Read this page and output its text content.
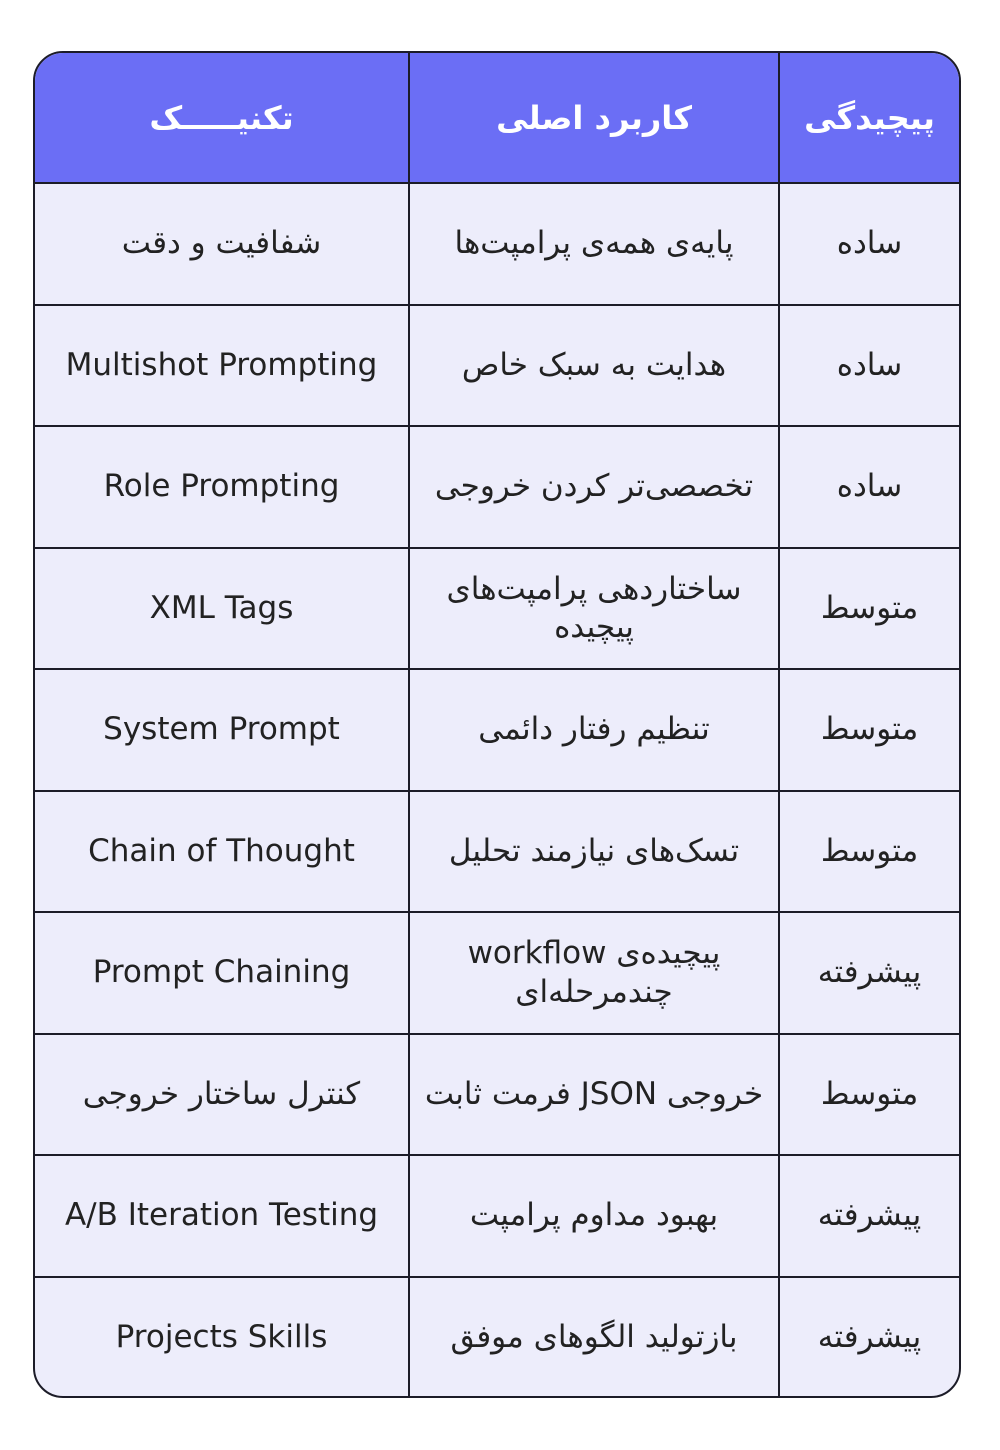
تکنیـــــک	کاربرد اصلی	پیچیدگی
شفافیت و دقت	پایه‌ی همه‌ی پرامپت‌ها	ساده
Multishot Prompting	هدایت به سبک خاص	ساده
Role Prompting	تخصصی‌تر کردن خروجی	ساده
XML Tags	ساختاردهی پرامپت‌های پیچیده	متوسط
System Prompt	تنظیم رفتار دائمی	متوسط
Chain of Thought	تسک‌های نیازمند تحلیل	متوسط
Prompt Chaining	workflow پیچیده‌ی چندمرحله‌ای	پیشرفته
کنترل ساختار خروجی	خروجی JSON فرمت ثابت	متوسط
A/B Iteration Testing	بهبود مداوم پرامپت	پیشرفته
Projects Skills	بازتولید الگوهای موفق	پیشرفته
